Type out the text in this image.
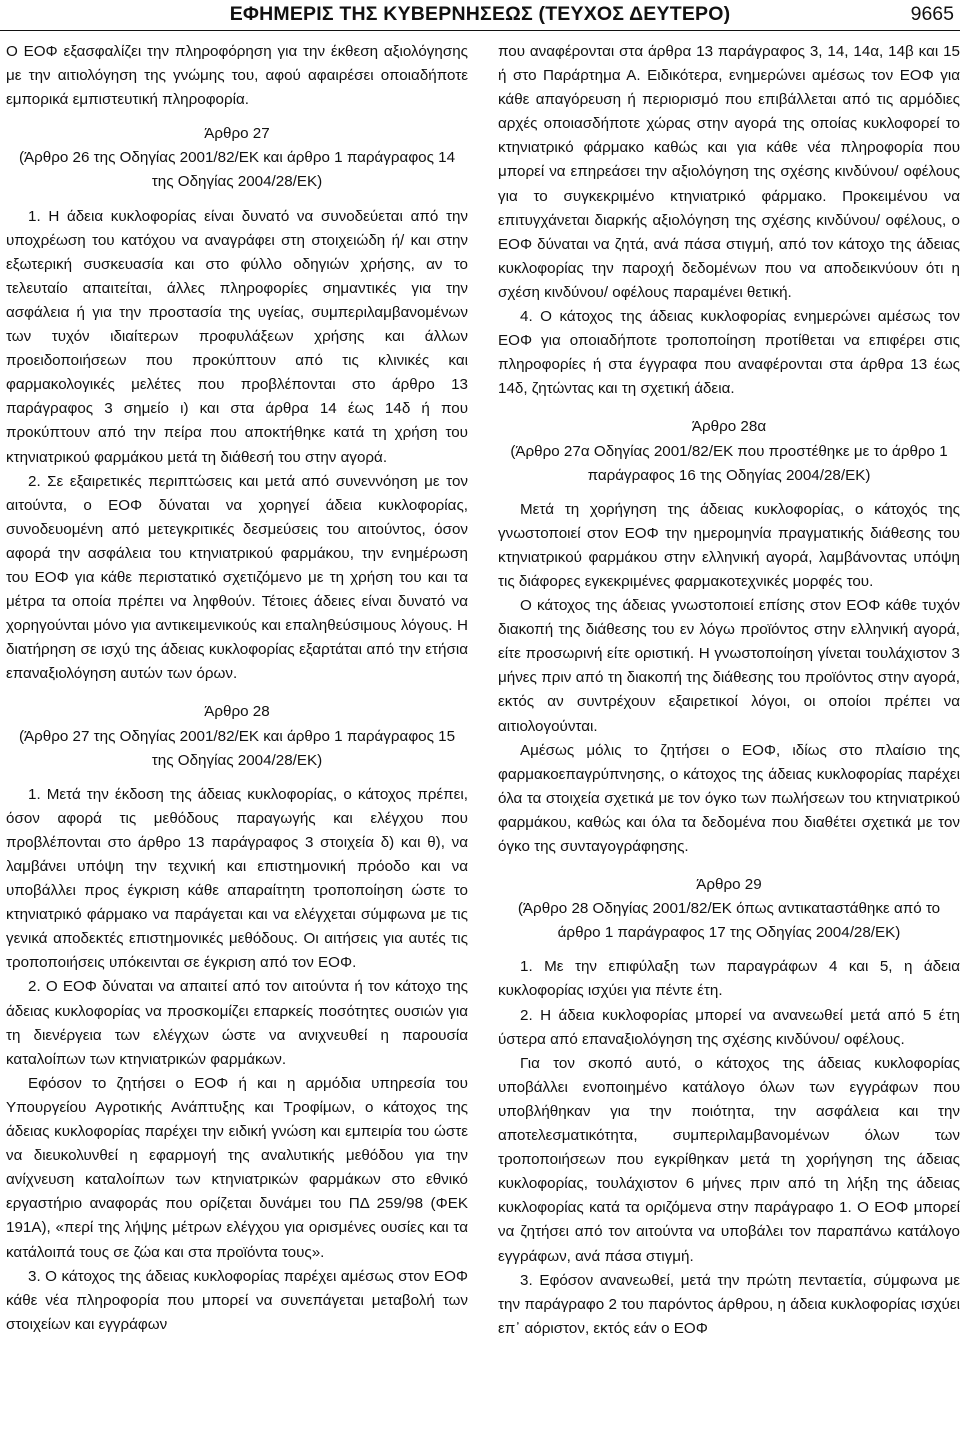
ΕΦΗΜΕΡΙΣ ΤΗΣ ΚΥΒΕΡΝΗΣΕΩΣ (ΤΕΥΧΟΣ ΔΕΥΤΕΡΟ)	9665

Ο ΕΟΦ εξασφαλίζει την πληροφόρηση για την έκθεση αξιολόγησης με την αιτιολόγηση της γνώμης του, αφού αφαιρέσει οποιαδήποτε εμπορικά εμπιστευτική πληροφορία.

Άρθρο 27

(Άρθρο 26 της Οδηγίας 2001/82/ΕΚ και άρθρο 1 παράγραφος 14 της Οδηγίας 2004/28/ΕΚ)

1. Η άδεια κυκλοφορίας είναι δυνατό να συνοδεύεται από την υποχρέωση του κατόχου να αναγράφει στη στοιχειώδη ή/ και στην εξωτερική συσκευασία και στο φύλλο οδηγιών χρήσης, αν το τελευταίο απαιτείται, άλλες πληροφορίες σημαντικές για την ασφάλεια ή για την προστασία της υγείας, συμπεριλαμβανομένων των τυχόν ιδιαίτερων προφυλάξεων χρήσης και άλλων προειδοποιήσεων που προκύπτουν από τις κλινικές και φαρμακολογικές μελέτες που προβλέπονται στο άρθρο 13 παράγραφος 3 σημείο ι) και στα άρθρα 14 έως 14δ ή που προκύπτουν από την πείρα που αποκτήθηκε κατά τη χρήση του κτηνιατρικού φαρμάκου μετά τη διάθεσή του στην αγορά.

2. Σε εξαιρετικές περιπτώσεις και μετά από συνεννόηση με τον αιτούντα, ο ΕΟΦ δύναται να χορηγεί άδεια κυκλοφορίας, συνοδευομένη από μετεγκριτικές δεσμεύσεις του αιτούντος, όσον αφορά την ασφάλεια του κτηνιατρικού φαρμάκου, την ενημέρωση του ΕΟΦ για κάθε περιστατικό σχετιζόμενο με τη χρήση του και τα μέτρα τα οποία πρέπει να ληφθούν. Τέτοιες άδειες είναι δυνατό να χορηγούνται μόνο για αντικειμενικούς και επαληθεύσιμους λόγους. Η διατήρηση σε ισχύ της άδειας κυκλοφορίας εξαρτάται από την ετήσια επαναξιολόγηση αυτών των όρων.

Άρθρο 28

(Άρθρο 27 της Οδηγίας 2001/82/ΕΚ και άρθρο 1 παράγραφος 15 της Οδηγίας 2004/28/ΕΚ)

1. Μετά την έκδοση της άδειας κυκλοφορίας, ο κάτοχος πρέπει, όσον αφορά τις μεθόδους παραγωγής και ελέγχου που προβλέπονται στο άρθρο 13 παράγραφος 3 στοιχεία δ) και θ), να λαμβάνει υπόψη την τεχνική και επιστημονική πρόοδο και να υποβάλλει προς έγκριση κάθε απαραίτητη τροποποίηση ώστε το κτηνιατρικό φάρμακο να παράγεται και να ελέγχεται σύμφωνα με τις γενικά αποδεκτές επιστημονικές μεθόδους. Οι αιτήσεις για αυτές τις τροποποιήσεις υπόκεινται σε έγκριση από τον ΕΟΦ.

2. Ο ΕΟΦ δύναται να απαιτεί από τον αιτούντα ή τον κάτοχο της άδειας κυκλοφορίας να προσκομίζει επαρκείς ποσότητες ουσιών για τη διενέργεια των ελέγχων ώστε να ανιχνευθεί η παρουσία καταλοίπων των κτηνιατρικών φαρμάκων.

Εφόσον το ζητήσει ο ΕΟΦ ή και η αρμόδια υπηρεσία του Υπουργείου Αγροτικής Ανάπτυξης και Τροφίμων, ο κάτοχος της άδειας κυκλοφορίας παρέχει την ειδική γνώση και εμπειρία του ώστε να διευκολυνθεί η εφαρμογή της αναλυτικής μεθόδου για την ανίχνευση καταλοίπων των κτηνιατρικών φαρμάκων στο εθνικό εργαστήριο αναφοράς που ορίζεται δυνάμει του ΠΔ 259/98 (ΦΕΚ 191Α), «περί της λήψης μέτρων ελέγχου για ορισμένες ουσίες και τα κατάλοιπά τους σε ζώα και στα προϊόντα τους».

3. Ο κάτοχος της άδειας κυκλοφορίας παρέχει αμέσως στον ΕΟΦ κάθε νέα πληροφορία που μπορεί να συνεπάγεται μεταβολή των στοιχείων και εγγράφων

που αναφέρονται στα άρθρα 13 παράγραφος 3, 14, 14α, 14β και 15 ή στο Παράρτημα Α. Ειδικότερα, ενημερώνει αμέσως τον ΕΟΦ για κάθε απαγόρευση ή περιορισμό που επιβάλλεται από τις αρμόδιες αρχές οποιασδήποτε χώρας στην αγορά της οποίας κυκλοφορεί το κτηνιατρικό φάρμακο καθώς και για κάθε νέα πληροφορία που μπορεί να επηρεάσει την αξιολόγηση της σχέσης κινδύνου/ οφέλους για το συγκεκριμένο κτηνιατρικό φάρμακο. Προκειμένου να επιτυγχάνεται διαρκής αξιολόγηση της σχέσης κινδύνου/ οφέλους, ο ΕΟΦ δύναται να ζητά, ανά πάσα στιγμή, από τον κάτοχο της άδειας κυκλοφορίας την παροχή δεδομένων που να αποδεικνύουν ότι η σχέση κινδύνου/ οφέλους παραμένει θετική.

4. Ο κάτοχος της άδειας κυκλοφορίας ενημερώνει αμέσως τον ΕΟΦ για οποιαδήποτε τροποποίηση προτίθεται να επιφέρει στις πληροφορίες ή στα έγγραφα που αναφέρονται στα άρθρα 13 έως 14δ, ζητώντας και τη σχετική άδεια.

Άρθρο 28α

(Άρθρο 27α Οδηγίας 2001/82/ΕΚ που προστέθηκε με το άρθρο 1 παράγραφος 16 της Οδηγίας 2004/28/ΕΚ)

Μετά τη χορήγηση της άδειας κυκλοφορίας, ο κάτοχός της γνωστοποιεί στον ΕΟΦ την ημερομηνία πραγματικής διάθεσης του κτηνιατρικού φαρμάκου στην ελληνική αγορά, λαμβάνοντας υπόψη τις διάφορες εγκεκριμένες φαρμακοτεχνικές μορφές του.

Ο κάτοχος της άδειας γνωστοποιεί επίσης στον ΕΟΦ κάθε τυχόν διακοπή της διάθεσης του εν λόγω προϊόντος στην ελληνική αγορά, είτε προσωρινή είτε οριστική. Η γνωστοποίηση γίνεται τουλάχιστον 3 μήνες πριν από τη διακοπή της διάθεσης του προϊόντος στην αγορά, εκτός αν συντρέχουν εξαιρετικοί λόγοι, οι οποίοι πρέπει να αιτιολογούνται.

Αμέσως μόλις το ζητήσει ο ΕΟΦ, ιδίως στο πλαίσιο της φαρμακοεπαγρύπνησης, ο κάτοχος της άδειας κυκλοφορίας παρέχει όλα τα στοιχεία σχετικά με τον όγκο των πωλήσεων του κτηνιατρικού φαρμάκου, καθώς και όλα τα δεδομένα που διαθέτει σχετικά με τον όγκο της συνταγογράφησης.

Άρθρο 29

(Άρθρο 28 Οδηγίας 2001/82/ΕΚ όπως αντικαταστάθηκε από το άρθρο 1 παράγραφος 17 της Οδηγίας 2004/28/ΕΚ)

1. Με την επιφύλαξη των παραγράφων 4 και 5, η άδεια κυκλοφορίας ισχύει για πέντε έτη.

2. Η άδεια κυκλοφορίας μπορεί να ανανεωθεί μετά από 5 έτη ύστερα από επαναξιολόγηση της σχέσης κινδύνου/ οφέλους.

Για τον σκοπό αυτό, ο κάτοχος της άδειας κυκλοφορίας υποβάλλει ενοποιημένο κατάλογο όλων των εγγράφων που υποβλήθηκαν για την ποιότητα, την ασφάλεια και την αποτελεσματικότητα, συμπεριλαμβανομένων όλων των τροποποιήσεων που εγκρίθηκαν μετά τη χορήγηση της άδειας κυκλοφορίας, τουλάχιστον 6 μήνες πριν από τη λήξη της άδειας κυκλοφορίας κατά τα οριζόμενα στην παράγραφο 1. Ο ΕΟΦ μπορεί να ζητήσει από τον αιτούντα να υποβάλει τον παραπάνω κατάλογο εγγράφων, ανά πάσα στιγμή.

3. Εφόσον ανανεωθεί, μετά την πρώτη πενταετία, σύμφωνα με την παράγραφο 2 του παρόντος άρθρου, η άδεια κυκλοφορίας ισχύει επ᾽ αόριστον, εκτός εάν ο ΕΟΦ
